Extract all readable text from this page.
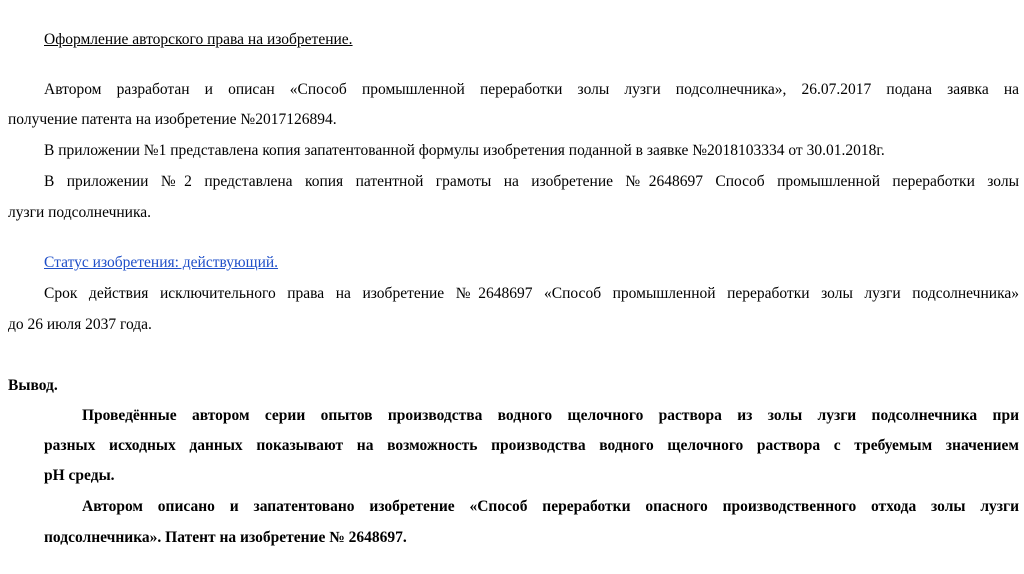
Оформление авторского права на изобретение.
Автором разработан и описан «Способ промышленной переработки золы лузги подсолнечника», 26.07.2017 подана заявка на
получение патента на изобретение №2017126894.
В приложении №1 представлена копия запатентованной формулы изобретения поданной в заявке №2018103334 от 30.01.2018г.
В приложении №2 представлена копия патентной грамоты на изобретение №2648697 Способ промышленной переработки золы
лузги подсолнечника.
Статус изобретения: действующий.
Срок действия исключительного права на изобретение №2648697 «Способ промышленной переработки золы лузги подсолнечника»
до 26 июля 2037 года.
Вывод.
Проведённые автором серии опытов производства водного щелочного раствора из золы лузги подсолнечника при
разных исходных данных показывают на возможность производства водного щелочного раствора с требуемым значением
pH среды.
Автором описано и запатентовано изобретение «Способ переработки опасного производственного отхода золы лузги
подсолнечника». Патент на изобретение № 2648697.
